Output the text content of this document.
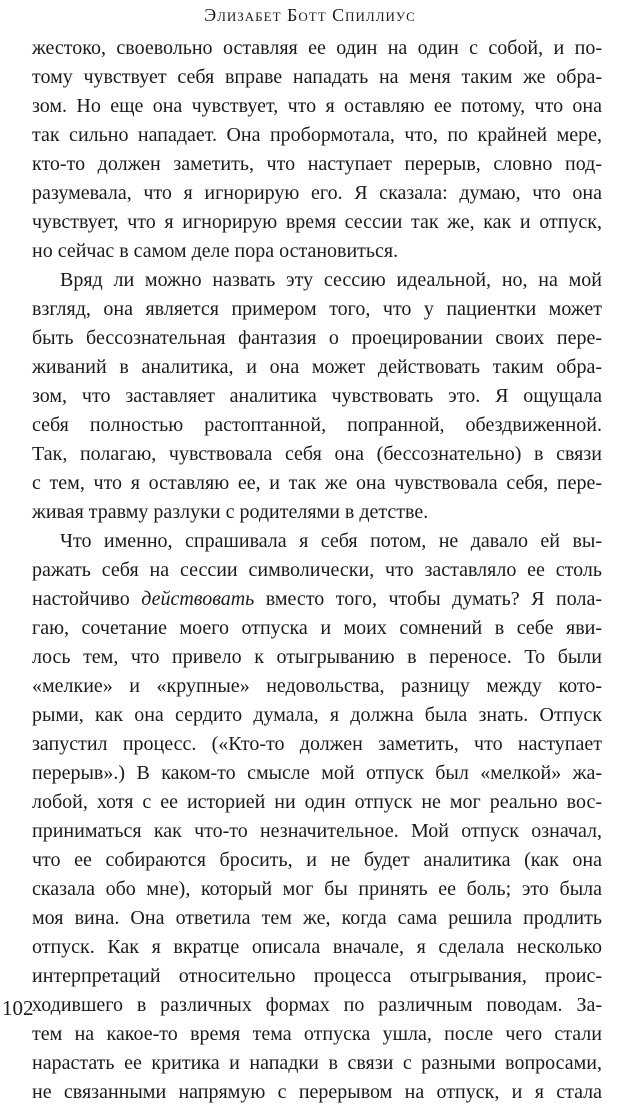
Элизабет Ботт Спиллиус

жестоко, своевольно оставляя ее один на один с собой, и по-
тому чувствует себя вправе нападать на меня таким же обра-
зом. Но еще она чувствует, что я оставляю ее потому, что она
так сильно нападает. Она пробормотала, что, по крайней мере,
кто-то должен заметить, что наступает перерыв, словно под-
разумевала, что я игнорирую его. Я сказала: думаю, что она
чувствует, что я игнорирую время сессии так же, как и отпуск,
но сейчас в самом деле пора остановиться.

Вряд ли можно назвать эту сессию идеальной, но, на мой
взгляд, она является примером того, что у пациентки может
быть бессознательная фантазия о проецировании своих пере-
живаний в аналитика, и она может действовать таким обра-
зом, что заставляет аналитика чувствовать это. Я ощущала
себя полностью растоптанной, попранной, обездвиженной.
Так, полагаю, чувствовала себя она (бессознательно) в связи
с тем, что я оставляю ее, и так же она чувствовала себя, пере-
живая травму разлуки с родителями в детстве.

Что именно, спрашивала я себя потом, не давало ей вы-
ражать себя на сессии символически, что заставляло ее столь
настойчиво действовать вместо того, чтобы думать? Я пола-
гаю, сочетание моего отпуска и моих сомнений в себе яви-
лось тем, что привело к отыгрыванию в переносе. То были
«мелкие» и «крупные» недовольства, разницу между кото-
рыми, как она сердито думала, я должна была знать. Отпуск
запустил процесс. («Кто-то должен заметить, что наступает
перерыв».) В каком-то смысле мой отпуск был «мелкой» жа-
лобой, хотя с ее историей ни один отпуск не мог реально вос-
приниматься как что-то незначительное. Мой отпуск означал,
что ее собираются бросить, и не будет аналитика (как она
сказала обо мне), который мог бы принять ее боль; это была
моя вина. Она ответила тем же, когда сама решила продлить
отпуск. Как я вкратце описала вначале, я сделала несколько
интерпретаций относительно процесса отыгрывания, проис-
ходившего в различных формах по различным поводам. За-
тем на какое-то время тема отпуска ушла, после чего стали
нарастать ее критика и нападки в связи с разными вопросами,
не связанными напрямую с перерывом на отпуск, и я стала

102
